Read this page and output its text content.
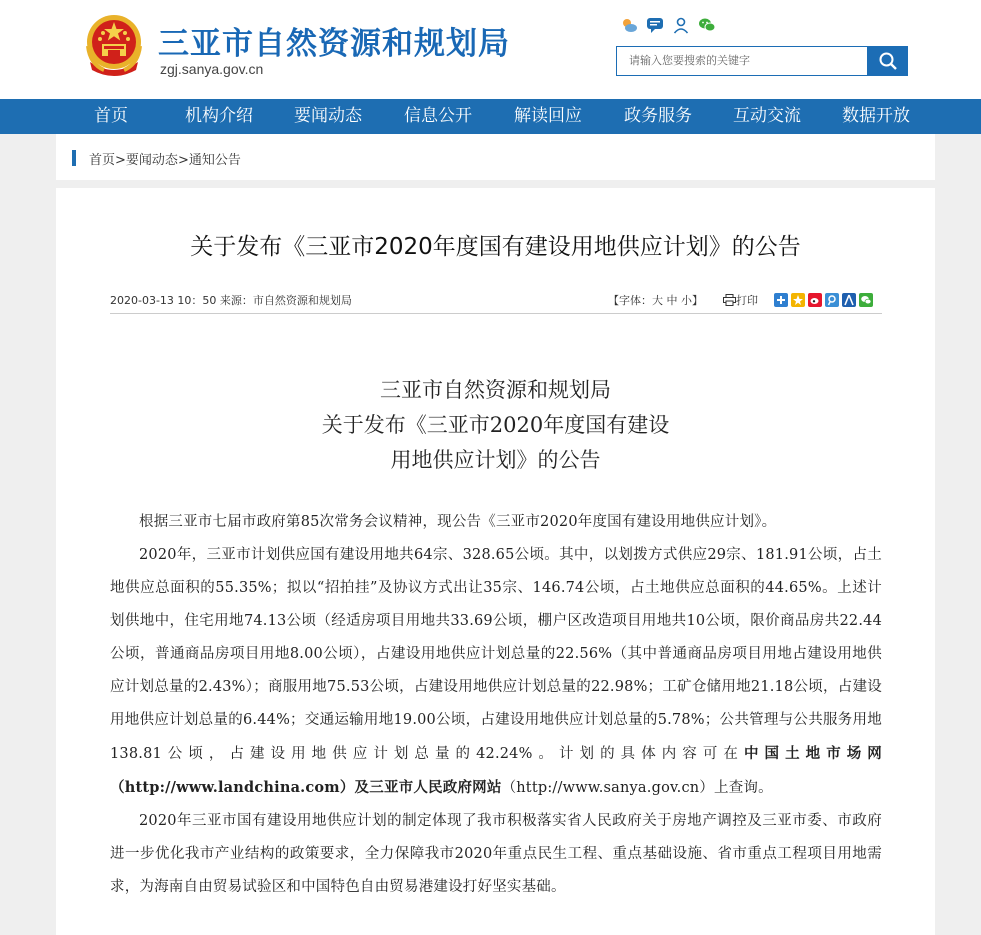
三亚市自然资源和规划局
zgj.sanya.gov.cn
请输入您要搜索的关键字
首页	机构介绍 要闻动态 信息公开 解读回应 政务服务 互动交流 数据开放
首页>要闻动态>通知公告
关于发布《三亚市2020年度国有建设用地供应计划》的公告
2020-03-13 10：50 来源：市自然资源和规划局	【字体： 大
中
小 】	打印
三亚市自然资源和规划局
关于发布《三亚市2020年度国有建设
用地供应计划》的公告

根据三亚市七届市政府第85次常务会议精神，现公告《三亚市2020年度国有建设用地供应计划》。

2020年，三亚市计划供应国有建设用地共64宗、328.65公顷。其中，以划拨方式供应29宗、181.91公顷，占土地供应总面积的55.35%；拟以“招拍挂”及协议方式出让35宗、146.74公顷，占土地供应总面积的44.65%。上述计划供地中，住宅用地74.13公顷（经适房项目用地共33.69公顷，棚户区改造项目用地共10公顷，限价商品房共22.44公顷，普通商品房项目用地8.00公顷），占建设用地供应计划总量的22.56%（其中普通商品房项目用地占建设用地供应计划总量的2.43%）；商服用地75.53公顷，占建设用地供应计划总量的22.98%；工矿仓储用地21.18公顷，占建设用地供应计划总量的6.44%；交通运输用地19.00公顷，占建设用地供应计划总量的5.78%；公共管理与公共服务用地138.81公顷，占建设用地供应计划总量的42.24%。计划的具体内容可在中国土地市场网（http://www.landchina.com）及三亚市人民政府网站（http://www.sanya.gov.cn）上查询。

2020年三亚市国有建设用地供应计划的制定体现了我市积极落实省人民政府关于房地产调控及三亚市委、市政府进一步优化我市产业结构的政策要求，全力保障我市2020年重点民生工程、重点基础设施、省市重点工程项目用地需求，为海南自由贸易试验区和中国特色自由贸易港建设打好坚实基础。
